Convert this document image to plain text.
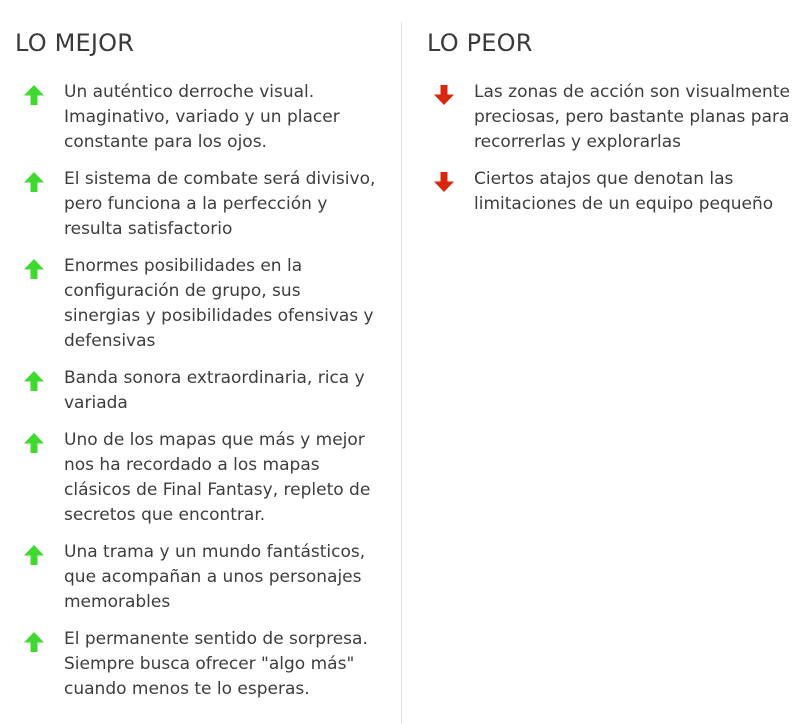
LO MEJOR
Un auténtico derroche visual. Imaginativo, variado y un placer constante para los ojos.
El sistema de combate será divisivo, pero funciona a la perfección y resulta satisfactorio
Enormes posibilidades en la configuración de grupo, sus sinergias y posibilidades ofensivas y defensivas
Banda sonora extraordinaria, rica y variada
Uno de los mapas que más y mejor nos ha recordado a los mapas clásicos de Final Fantasy, repleto de secretos que encontrar.
Una trama y un mundo fantásticos, que acompañan a unos personajes memorables
El permanente sentido de sorpresa. Siempre busca ofrecer "algo más" cuando menos te lo esperas.
LO PEOR
Las zonas de acción son visualmente preciosas, pero bastante planas para recorrerlas y explorarlas
Ciertos atajos que denotan las limitaciones de un equipo pequeño
